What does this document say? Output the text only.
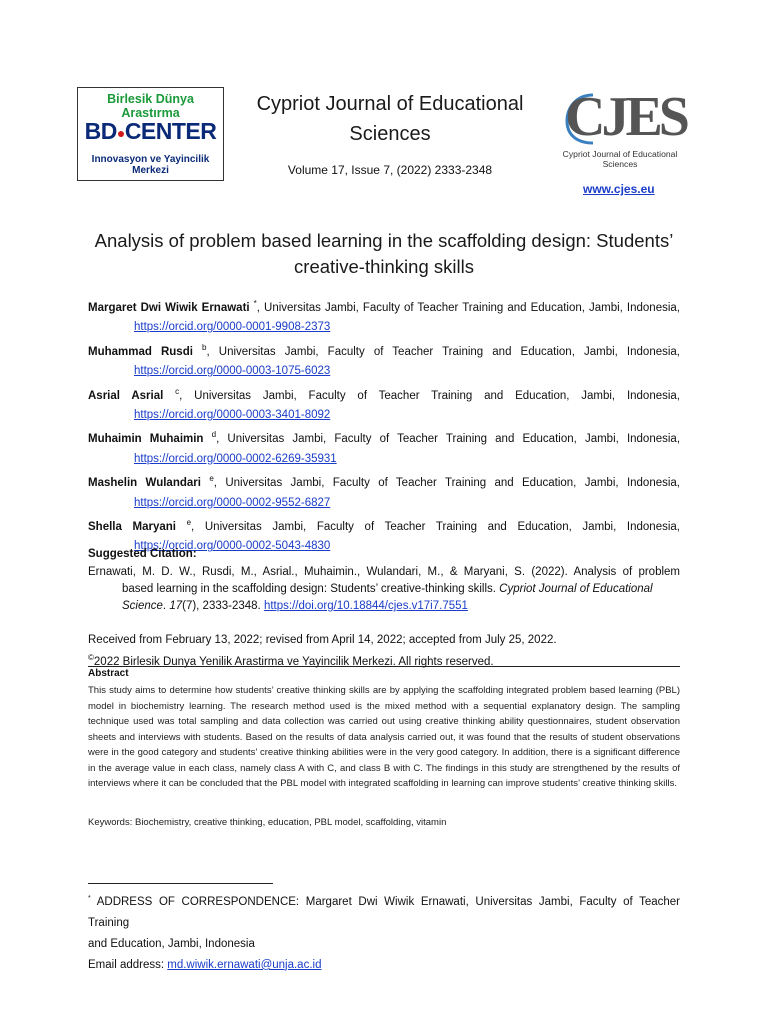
Birlesik Dünya Arastırma
BD●CENTER
Innovasyon ve Yayincilik Merkezi
Cypriot Journal of Educational
Sciences
Volume 17, Issue 7, (2022) 2333-2348
CJES
Cypriot Journal of Educational Sciences
www.cjes.eu
Analysis of problem based learning in the scaffolding design: Students’
creative-thinking skills
Margaret Dwi Wiwik Ernawati *, Universitas Jambi, Faculty of Teacher Training and Education, Jambi, Indonesia,
https://orcid.org/0000-0001-9908-2373
Muhammad Rusdi $^b$, Universitas Jambi, Faculty of Teacher Training and Education, Jambi, Indonesia,
https://orcid.org/0000-0003-1075-6023
Asrial Asrial $^c$, Universitas Jambi, Faculty of Teacher Training and Education, Jambi, Indonesia,
https://orcid.org/0000-0003-3401-8092
Muhaimin Muhaimin $^d$, Universitas Jambi, Faculty of Teacher Training and Education, Jambi, Indonesia,
https://orcid.org/0000-0002-6269-35931
Mashelin Wulandari $^e$, Universitas Jambi, Faculty of Teacher Training and Education, Jambi, Indonesia,
https://orcid.org/0000-0002-9552-6827
Shella Maryani $^e$, Universitas Jambi, Faculty of Teacher Training and Education, Jambi, Indonesia,
https://orcid.org/0000-0002-5043-4830
Suggested Citation:
Ernawati, M. D. W., Rusdi, M., Asrial., Muhaimin., Wulandari, M., & Maryani, S. (2022). Analysis of problem
based learning in the scaffolding design: Students’ creative-thinking skills. Cypriot Journal of Educational
Science. 17(7), 2333-2348. https://doi.org/10.18844/cjes.v17i7.7551
Received from February 13, 2022; revised from April 14, 2022; accepted from July 25, 2022.
©2022 Birlesik Dunya Yenilik Arastirma ve Yayincilik Merkezi. All rights reserved.
Abstract
This study aims to determine how students’ creative thinking skills are by applying the scaffolding integrated problem based learning (PBL) model in biochemistry learning. The research method used is the mixed method with a sequential explanatory design. The sampling technique used was total sampling and data collection was carried out using creative thinking ability questionnaires, student observation sheets and interviews with students. Based on the results of data analysis carried out, it was found that the results of student observations were in the good category and students’ creative thinking abilities were in the very good category. In addition, there is a significant difference in the average value in each class, namely class A with C, and class B with C. The findings in this study are strengthened by the results of interviews where it can be concluded that the PBL model with integrated scaffolding in learning can improve students’ creative thinking skills.
Keywords: Biochemistry, creative thinking, education, PBL model, scaffolding, vitamin
* ADDRESS OF CORRESPONDENCE: Margaret Dwi Wiwik Ernawati, Universitas Jambi, Faculty of Teacher Training
and Education, Jambi, Indonesia
Email address: md.wiwik.ernawati@unja.ac.id
